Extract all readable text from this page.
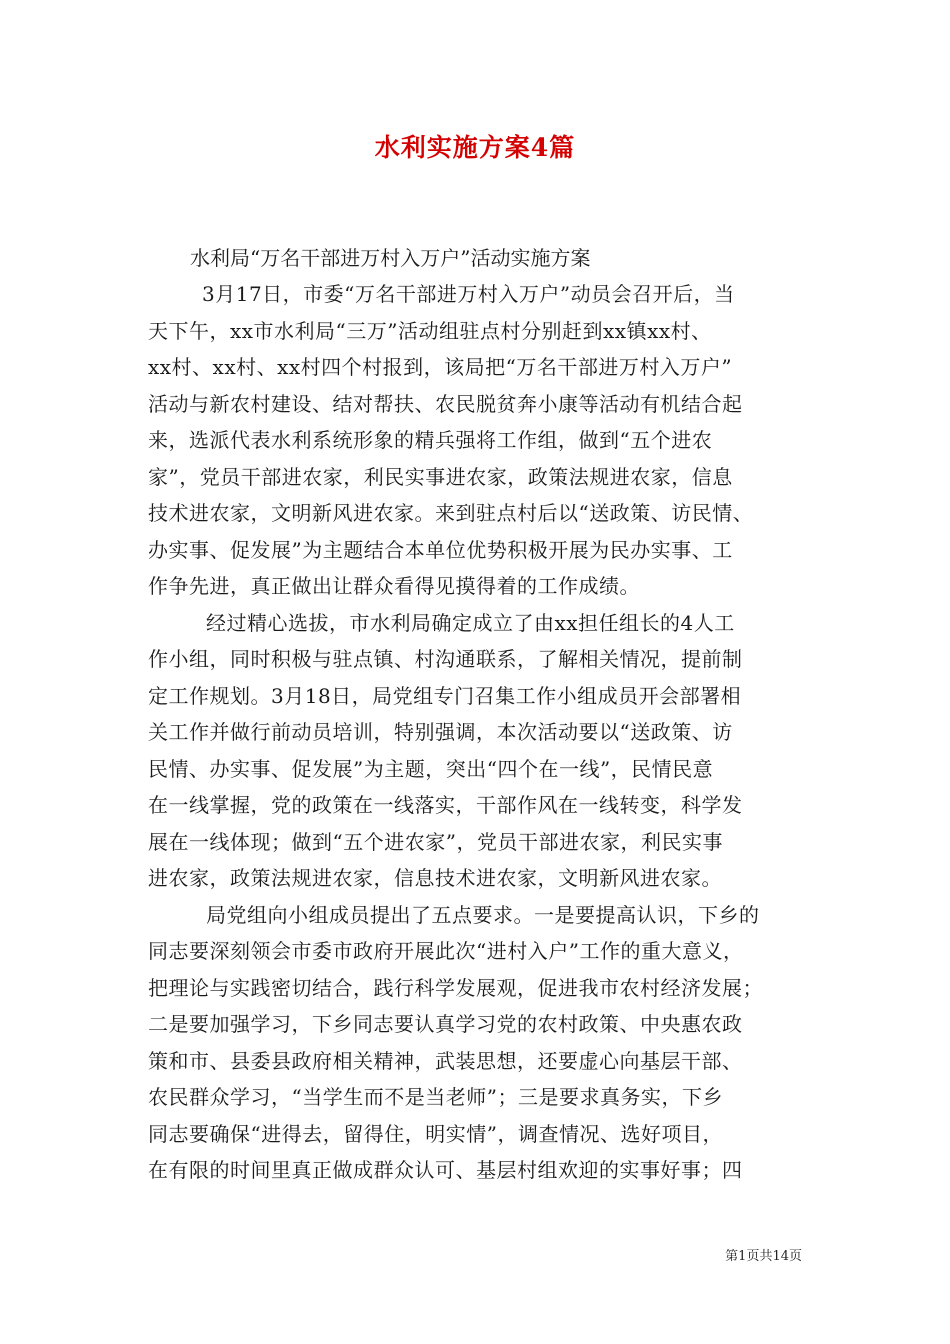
水利实施方案4篇
水利局“万名干部进万村入万户”活动实施方案

3月17日，市委“万名干部进万村入万户”动员会召开后，当
天下午，xx市水利局“三万”活动组驻点村分别赶到xx镇xx村、
xx村、xx村、xx村四个村报到，该局把“万名干部进万村入万户”
活动与新农村建设、结对帮扶、农民脱贫奔小康等活动有机结合起
来，选派代表水利系统形象的精兵强将工作组，做到“五个进农
家”，党员干部进农家，利民实事进农家，政策法规进农家，信息
技术进农家，文明新风进农家。来到驻点村后以“送政策、访民情、
办实事、促发展”为主题结合本单位优势积极开展为民办实事、工
作争先进，真正做出让群众看得见摸得着的工作成绩。

经过精心选拔，市水利局确定成立了由xx担任组长的4人工
作小组，同时积极与驻点镇、村沟通联系，了解相关情况，提前制
定工作规划。3月18日，局党组专门召集工作小组成员开会部署相
关工作并做行前动员培训，特别强调，本次活动要以“送政策、访
民情、办实事、促发展”为主题，突出“四个在一线”，民情民意
在一线掌握，党的政策在一线落实，干部作风在一线转变，科学发
展在一线体现；做到“五个进农家”，党员干部进农家，利民实事
进农家，政策法规进农家，信息技术进农家，文明新风进农家。

局党组向小组成员提出了五点要求。一是要提高认识，下乡的
同志要深刻领会市委市政府开展此次“进村入户”工作的重大意义，
把理论与实践密切结合，践行科学发展观，促进我市农村经济发展；
二是要加强学习，下乡同志要认真学习党的农村政策、中央惠农政
策和市、县委县政府相关精神，武装思想，还要虚心向基层干部、
农民群众学习，“当学生而不是当老师”；三是要求真务实，下乡
同志要确保“进得去，留得住，明实情”，调查情况、选好项目，
在有限的时间里真正做成群众认可、基层村组欢迎的实事好事；四

第1页共14页
